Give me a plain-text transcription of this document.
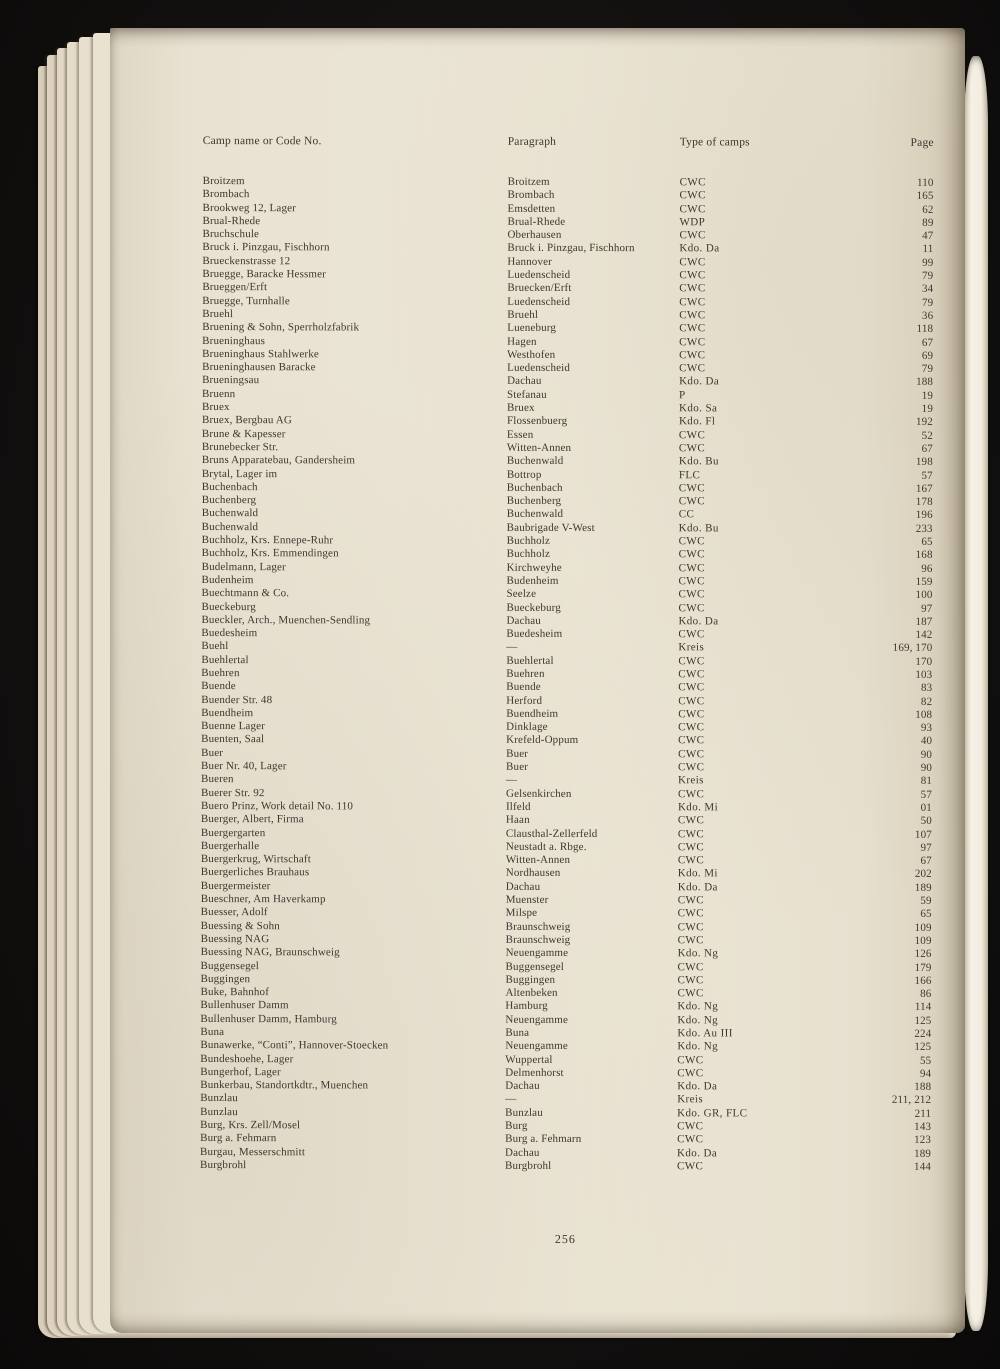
Camp name or Code No.	Paragraph	Type of camps	Page
Broitzem	Broitzem	CWC	110
Brombach	Brombach	CWC	165
Brookweg 12, Lager	Emsdetten	CWC	62
Brual-Rhede	Brual-Rhede	WDP	89
Bruchschule	Oberhausen	CWC	47
Bruck i. Pinzgau, Fischhorn	Bruck i. Pinzgau, Fischhorn	Kdo. Da	11
Brueckenstrasse 12	Hannover	CWC	99
Bruegge, Baracke Hessmer	Luedenscheid	CWC	79
Brueggen/Erft	Bruecken/Erft	CWC	34
Bruegge, Turnhalle	Luedenscheid	CWC	79
Bruehl	Bruehl	CWC	36
Bruening & Sohn, Sperrholzfabrik	Lueneburg	CWC	118
Brueninghaus	Hagen	CWC	67
Brueninghaus Stahlwerke	Westhofen	CWC	69
Brueninghausen Baracke	Luedenscheid	CWC	79
Brueningsau	Dachau	Kdo. Da	188
Bruenn	Stefanau	P	19
Bruex	Bruex	Kdo. Sa	19
Bruex, Bergbau AG	Flossenbuerg	Kdo. Fl	192
Brune & Kapesser	Essen	CWC	52
Brunebecker Str.	Witten-Annen	CWC	67
Bruns Apparatebau, Gandersheim	Buchenwald	Kdo. Bu	198
Brytal, Lager im	Bottrop	FLC	57
Buchenbach	Buchenbach	CWC	167
Buchenberg	Buchenberg	CWC	178
Buchenwald	Buchenwald	CC	196
Buchenwald	Baubrigade V-West	Kdo. Bu	233
Buchholz, Krs. Ennepe-Ruhr	Buchholz	CWC	65
Buchholz, Krs. Emmendingen	Buchholz	CWC	168
Budelmann, Lager	Kirchweyhe	CWC	96
Budenheim	Budenheim	CWC	159
Buechtmann & Co.	Seelze	CWC	100
Bueckeburg	Bueckeburg	CWC	97
Bueckler, Arch., Muenchen-Sendling	Dachau	Kdo. Da	187
Buedesheim	Buedesheim	CWC	142
Buehl	—	Kreis	169, 170
Buehlertal	Buehlertal	CWC	170
Buehren	Buehren	CWC	103
Buende	Buende	CWC	83
Buender Str. 48	Herford	CWC	82
Buendheim	Buendheim	CWC	108
Buenne Lager	Dinklage	CWC	93
Buenten, Saal	Krefeld-Oppum	CWC	40
Buer	Buer	CWC	90
Buer Nr. 40, Lager	Buer	CWC	90
Bueren	—	Kreis	81
Buerer Str. 92	Gelsenkirchen	CWC	57
Buero Prinz, Work detail No. 110	Ilfeld	Kdo. Mi	01
Buerger, Albert, Firma	Haan	CWC	50
Buergergarten	Clausthal-Zellerfeld	CWC	107
Buergerhalle	Neustadt a. Rbge.	CWC	97
Buergerkrug, Wirtschaft	Witten-Annen	CWC	67
Buergerliches Brauhaus	Nordhausen	Kdo. Mi	202
Buergermeister	Dachau	Kdo. Da	189
Bueschner, Am Haverkamp	Muenster	CWC	59
Buesser, Adolf	Milspe	CWC	65
Buessing & Sohn	Braunschweig	CWC	109
Buessing NAG	Braunschweig	CWC	109
Buessing NAG, Braunschweig	Neuengamme	Kdo. Ng	126
Buggensegel	Buggensegel	CWC	179
Buggingen	Buggingen	CWC	166
Buke, Bahnhof	Altenbeken	CWC	86
Bullenhuser Damm	Hamburg	Kdo. Ng	114
Bullenhuser Damm, Hamburg	Neuengamme	Kdo. Ng	125
Buna	Buna	Kdo. Au III	224
Bunawerke, “Conti”, Hannover-Stoecken	Neuengamme	Kdo. Ng	125
Bundeshoehe, Lager	Wuppertal	CWC	55
Bungerhof, Lager	Delmenhorst	CWC	94
Bunkerbau, Standortkdtr., Muenchen	Dachau	Kdo. Da	188
Bunzlau	—	Kreis	211, 212
Bunzlau	Bunzlau	Kdo. GR, FLC	211
Burg, Krs. Zell/Mosel	Burg	CWC	143
Burg a. Fehmarn	Burg a. Fehmarn	CWC	123
Burgau, Messerschmitt	Dachau	Kdo. Da	189
Burgbrohl	Burgbrohl	CWC	144
256
